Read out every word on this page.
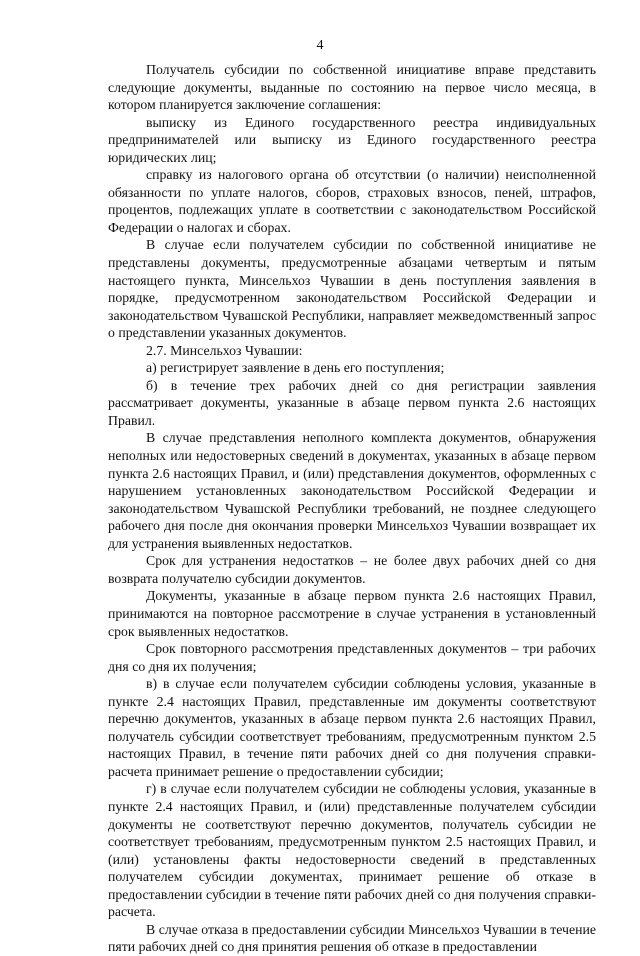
4

Получатель субсидии по собственной инициативе вправе представить следующие документы, выданные по состоянию на первое число месяца, в котором планируется заключение соглашения:

выписку из Единого государственного реестра индивидуальных предпринимателей или выписку из Единого государственного реестра юридических лиц;

справку из налогового органа об отсутствии (о наличии) неисполненной обязанности по уплате налогов, сборов, страховых взносов, пеней, штрафов, процентов, подлежащих уплате в соответствии с законодательством Российской Федерации о налогах и сборах.

В случае если получателем субсидии по собственной инициативе не представлены документы, предусмотренные абзацами четвертым и пятым настоящего пункта, Минсельхоз Чувашии в день поступления заявления в порядке, предусмотренном законодательством Российской Федерации и законодательством Чувашской Республики, направляет межведомственный запрос о представлении указанных документов.

2.7. Минсельхоз Чувашии:

а) регистрирует заявление в день его поступления;

б) в течение трех рабочих дней со дня регистрации заявления рассматривает документы, указанные в абзаце первом пункта 2.6 настоящих Правил.

В случае представления неполного комплекта документов, обнаружения неполных или недостоверных сведений в документах, указанных в абзаце первом пункта 2.6 настоящих Правил, и (или) представления документов, оформленных с нарушением установленных законодательством Российской Федерации и законодательством Чувашской Республики требований, не позднее следующего рабочего дня после дня окончания проверки Минсельхоз Чувашии возвращает их для устранения выявленных недостатков.

Срок для устранения недостатков – не более двух рабочих дней со дня возврата получателю субсидии документов.

Документы, указанные в абзаце первом пункта 2.6 настоящих Правил, принимаются на повторное рассмотрение в случае устранения в установленный срок выявленных недостатков.

Срок повторного рассмотрения представленных документов – три рабочих дня со дня их получения;

в) в случае если получателем субсидии соблюдены условия, указанные в пункте 2.4 настоящих Правил, представленные им документы соответствуют перечню документов, указанных в абзаце первом пункта 2.6 настоящих Правил, получатель субсидии соответствует требованиям, предусмотренным пунктом 2.5 настоящих Правил, в течение пяти рабочих дней со дня получения справки-расчета принимает решение о предоставлении субсидии;

г) в случае если получателем субсидии не соблюдены условия, указанные в пункте 2.4 настоящих Правил, и (или) представленные получателем субсидии документы не соответствуют перечню документов, получатель субсидии не соответствует требованиям, предусмотренным пунктом 2.5 настоящих Правил, и (или) установлены факты недостоверности сведений в представленных получателем субсидии документах, принимает решение об отказе в предоставлении субсидии в течение пяти рабочих дней со дня получения справки-расчета.

В случае отказа в предоставлении субсидии Минсельхоз Чувашии в течение пяти рабочих дней со дня принятия решения об отказе в предоставлении
